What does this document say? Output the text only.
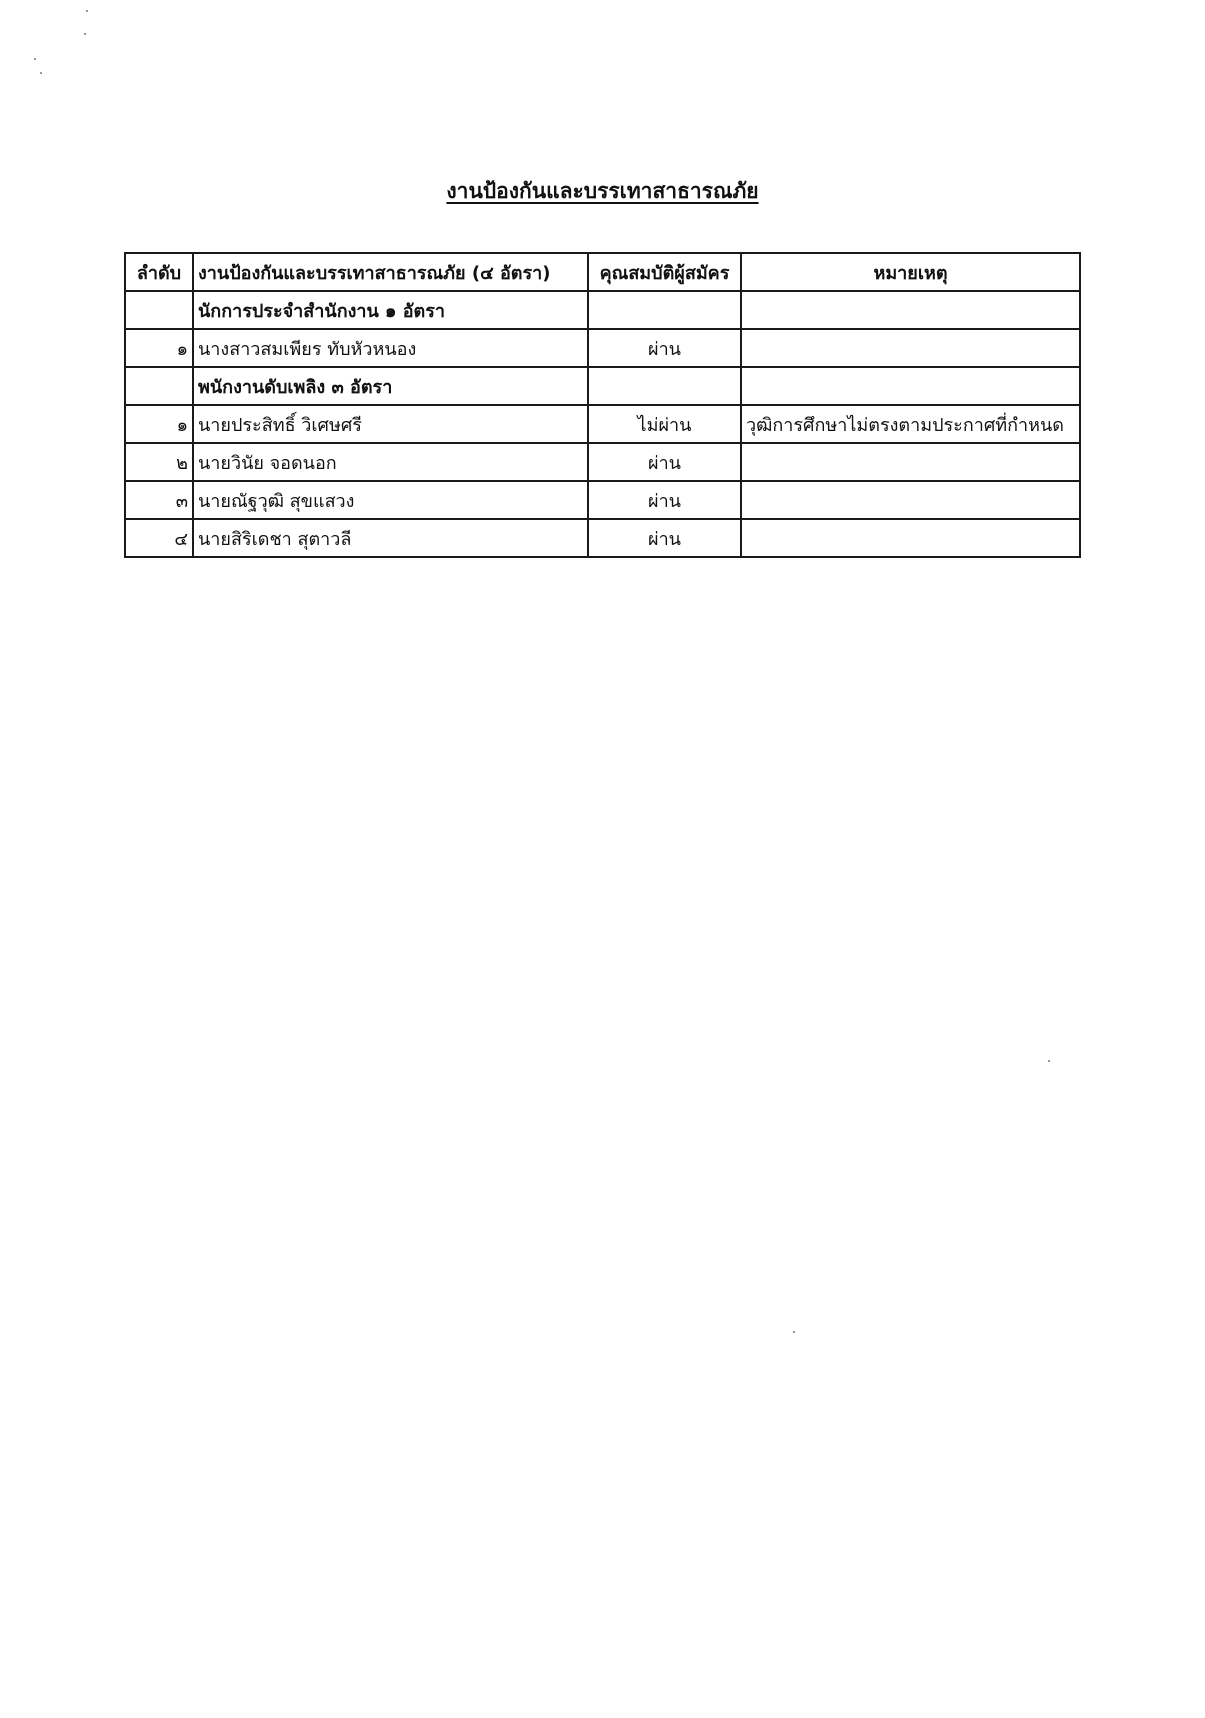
งานป้องกันและบรรเทาสาธารณภัย
ลำดับ	งานป้องกันและบรรเทาสาธารณภัย (๔ อัตรา)	คุณสมบัติผู้สมัคร	หมายเหตุ
	นักการประจำสำนักงาน ๑ อัตรา		
๑	นางสาวสมเพียร ทับหัวหนอง	ผ่าน	
	พนักงานดับเพลิง ๓ อัตรา		
๑	นายประสิทธิ์ วิเศษศรี	ไม่ผ่าน	วุฒิการศึกษาไม่ตรงตามประกาศที่กำหนด
๒	นายวินัย จอดนอก	ผ่าน	
๓	นายณัฐวุฒิ สุขแสวง	ผ่าน	
๔	นายสิริเดชา สุตาวลี	ผ่าน	
